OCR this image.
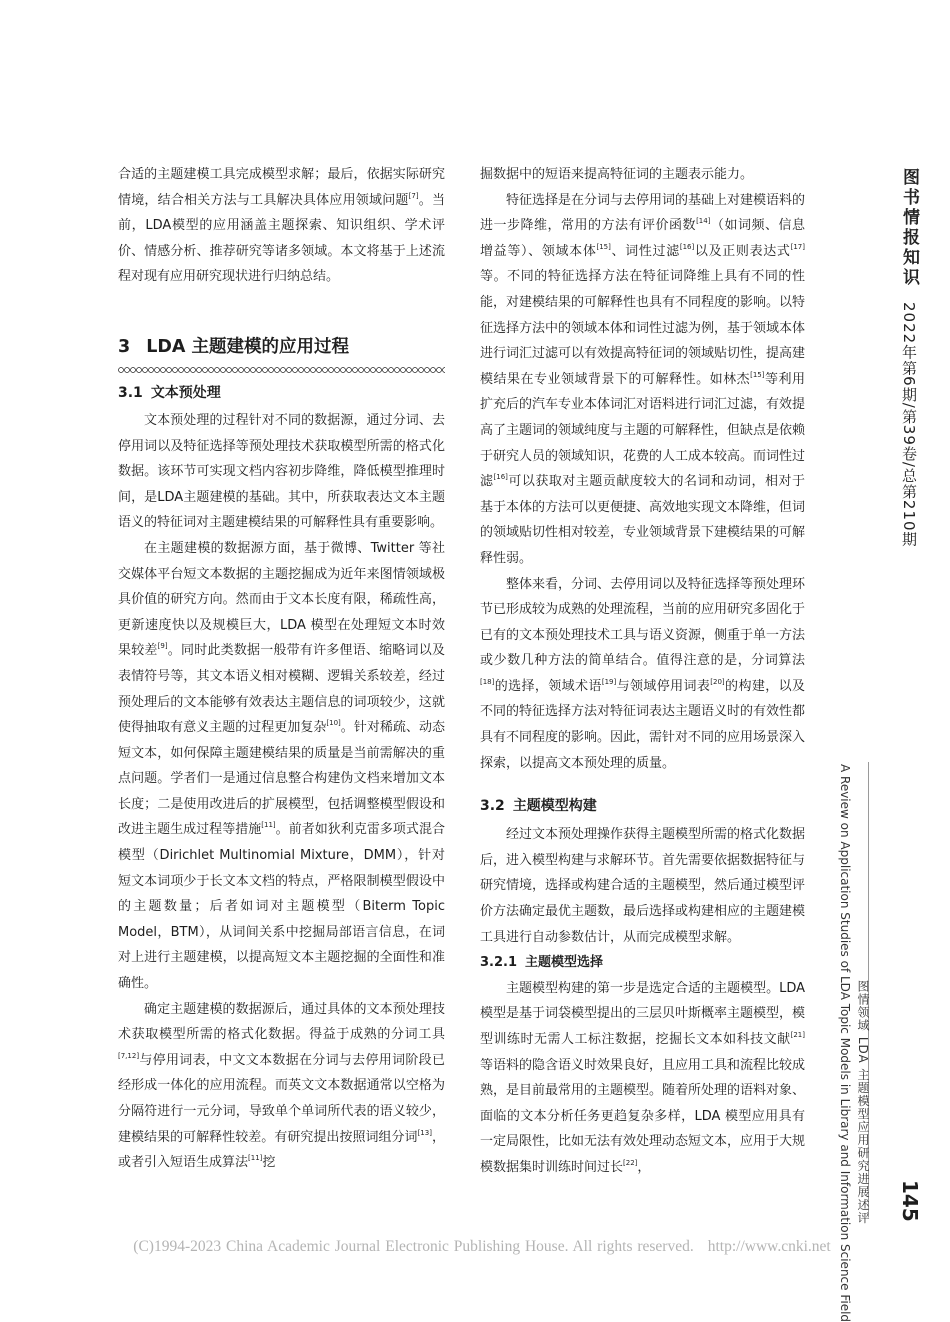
合适的主题建模工具完成模型求解；最后，依据实际研究情境，结合相关方法与工具解决具体应用领域问题[7]。当前，LDA模型的应用涵盖主题探索、知识组织、学术评价、情感分析、推荐研究等诸多领域。本文将基于上述流程对现有应用研究现状进行归纳总结。

3 LDA 主题建模的应用过程
3.1 文本预处理

文本预处理的过程针对不同的数据源，通过分词、去停用词以及特征选择等预处理技术获取模型所需的格式化数据。该环节可实现文档内容初步降维，降低模型推理时间，是LDA主题建模的基础。其中，所获取表达文本主题语义的特征词对主题建模结果的可解释性具有重要影响。

在主题建模的数据源方面，基于微博、Twitter 等社交媒体平台短文本数据的主题挖掘成为近年来图情领域极具价值的研究方向。然而由于文本长度有限，稀疏性高，更新速度快以及规模巨大，LDA 模型在处理短文本时效果较差[9]。同时此类数据一般带有许多俚语、缩略词以及表情符号等，其文本语义相对模糊、逻辑关系较差，经过预处理后的文本能够有效表达主题信息的词项较少，这就使得抽取有意义主题的过程更加复杂[10]。针对稀疏、动态短文本，如何保障主题建模结果的质量是当前需解决的重点问题。学者们一是通过信息整合构建伪文档来增加文本长度；二是使用改进后的扩展模型，包括调整模型假设和改进主题生成过程等措施[11]。前者如狄利克雷多项式混合模型（Dirichlet Multinomial Mixture，DMM），针对短文本词项少于长文本文档的特点，严格限制模型假设中的主题数量；后者如词对主题模型（Biterm Topic Model，BTM），从词间关系中挖掘局部语言信息，在词对上进行主题建模，以提高短文本主题挖掘的全面性和准确性。

确定主题建模的数据源后，通过具体的文本预处理技术获取模型所需的格式化数据。得益于成熟的分词工具[7,12]与停用词表，中文文本数据在分词与去停用词阶段已经形成一体化的应用流程。而英文文本数据通常以空格为分隔符进行一元分词，导致单个单词所代表的语义较少，建模结果的可解释性较差。有研究提出按照词组分词[13]，或者引入短语生成算法[11]挖

掘数据中的短语来提高特征词的主题表示能力。

特征选择是在分词与去停用词的基础上对建模语料的进一步降维，常用的方法有评价函数[14]（如词频、信息增益等）、领域本体[15]、词性过滤[16]以及正则表达式[17]等。不同的特征选择方法在特征词降维上具有不同的性能，对建模结果的可解释性也具有不同程度的影响。以特征选择方法中的领域本体和词性过滤为例，基于领域本体进行词汇过滤可以有效提高特征词的领域贴切性，提高建模结果在专业领域背景下的可解释性。如林杰[15]等利用扩充后的汽车专业本体词汇对语料进行词汇过滤，有效提高了主题词的领域纯度与主题的可解释性，但缺点是依赖于研究人员的领域知识，花费的人工成本较高。而词性过滤[16]可以获取对主题贡献度较大的名词和动词，相对于基于本体的方法可以更便捷、高效地实现文本降维，但词的领域贴切性相对较差，专业领域背景下建模结果的可解释性弱。

整体来看，分词、去停用词以及特征选择等预处理环节已形成较为成熟的处理流程，当前的应用研究多固化于已有的文本预处理技术工具与语义资源，侧重于单一方法或少数几种方法的简单结合。值得注意的是，分词算法[18]的选择，领域术语[19]与领域停用词表[20]的构建，以及不同的特征选择方法对特征词表达主题语义时的有效性都具有不同程度的影响。因此，需针对不同的应用场景深入探索，以提高文本预处理的质量。

3.2 主题模型构建

经过文本预处理操作获得主题模型所需的格式化数据后，进入模型构建与求解环节。首先需要依据数据特征与研究情境，选择或构建合适的主题模型，然后通过模型评价方法确定最优主题数，最后选择或构建相应的主题建模工具进行自动参数估计，从而完成模型求解。

3.2.1 主题模型选择

主题模型构建的第一步是选定合适的主题模型。LDA 模型是基于词袋模型提出的三层贝叶斯概率主题模型，模型训练时无需人工标注数据，挖掘长文本如科技文献[21]等语料的隐含语义时效果良好，且应用工具和流程比较成熟，是目前最常用的主题模型。随着所处理的语料对象、面临的文本分析任务更趋复杂多样，LDA 模型应用具有一定局限性，比如无法有效处理动态短文本，应用于大规模数据集时训练时间过长[22]，

图书情报知识2022年第6期/第39卷/总第210期
A Review on Application Studies of LDA Topic Models in Library and Information Science Field 图情领域 LDA 主题模型应用研究进展述评 145
(C)1994-2023 China Academic Journal Electronic Publishing House. All rights reserved. http://www.cnki.net
